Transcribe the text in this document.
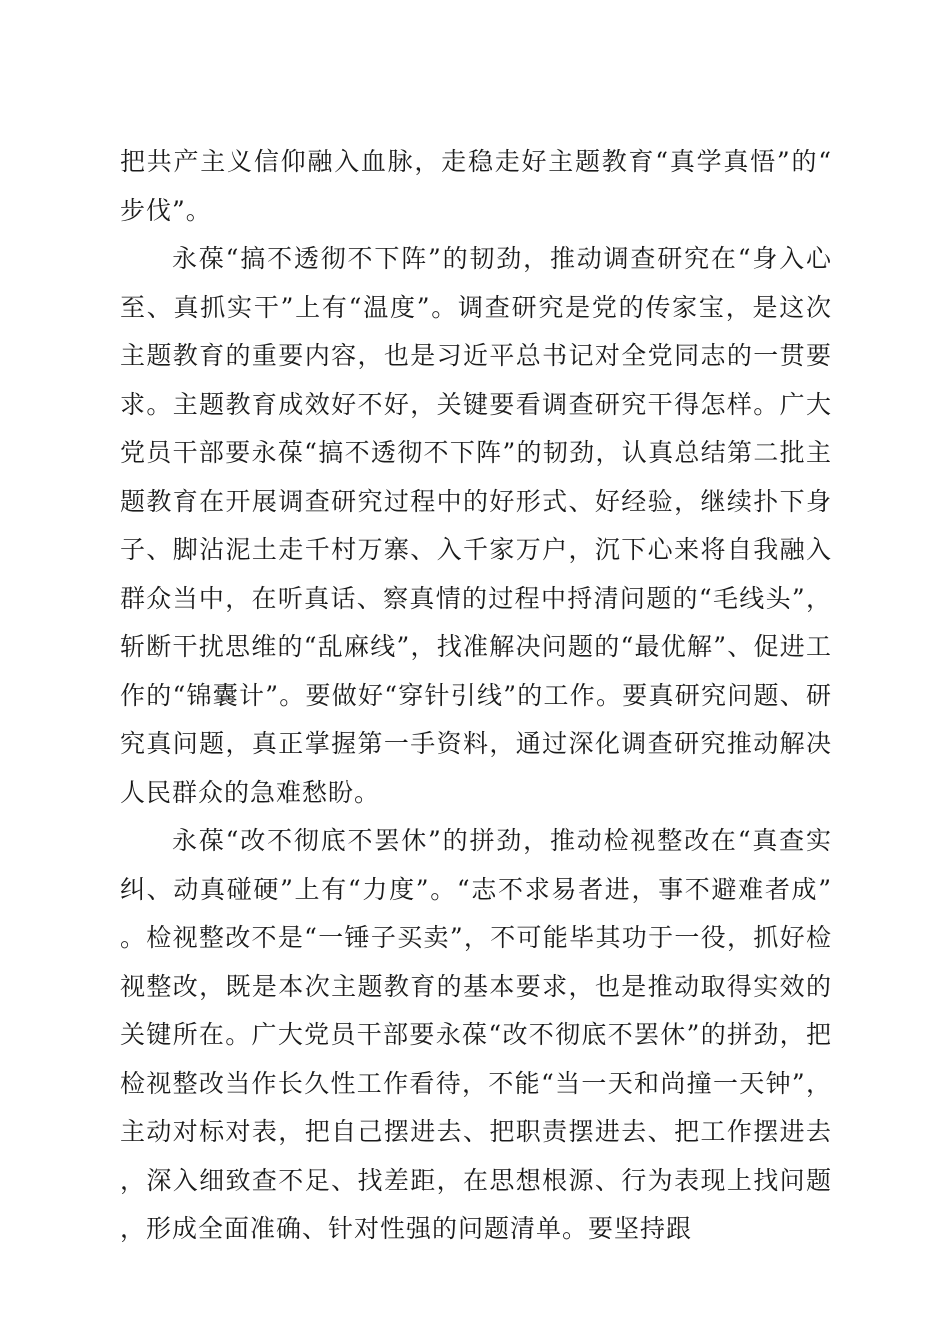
把共产主义信仰融入血脉，走稳走好主题教育“真学真悟”的“步伐”。

永葆“搞不透彻不下阵”的韧劲，推动调查研究在“身入心至、真抓实干”上有“温度”。调查研究是党的传家宝，是这次主题教育的重要内容，也是习近平总书记对全党同志的一贯要求。主题教育成效好不好，关键要看调查研究干得怎样。广大党员干部要永葆“搞不透彻不下阵”的韧劲，认真总结第二批主题教育在开展调查研究过程中的好形式、好经验，继续扑下身子、脚沾泥土走千村万寨、入千家万户，沉下心来将自我融入群众当中，在听真话、察真情的过程中捋清问题的“毛线头”，斩断干扰思维的“乱麻线”，找准解决问题的“最优解”、促进工作的“锦囊计”。要做好“穿针引线”的工作。要真研究问题、研究真问题，真正掌握第一手资料，通过深化调查研究推动解决人民群众的急难愁盼。

永葆“改不彻底不罢休”的拼劲，推动检视整改在“真查实纠、动真碰硬”上有“力度”。“志不求易者进，事不避难者成”。检视整改不是“一锤子买卖”，不可能毕其功于一役，抓好检视整改，既是本次主题教育的基本要求，也是推动取得实效的关键所在。广大党员干部要永葆“改不彻底不罢休”的拼劲，把检视整改当作长久性工作看待，不能“当一天和尚撞一天钟”，主动对标对表，把自己摆进去、把职责摆进去、把工作摆进去，深入细致查不足、找差距，在思想根源、行为表现上找问题，形成全面准确、针对性强的问题清单。要坚持跟
